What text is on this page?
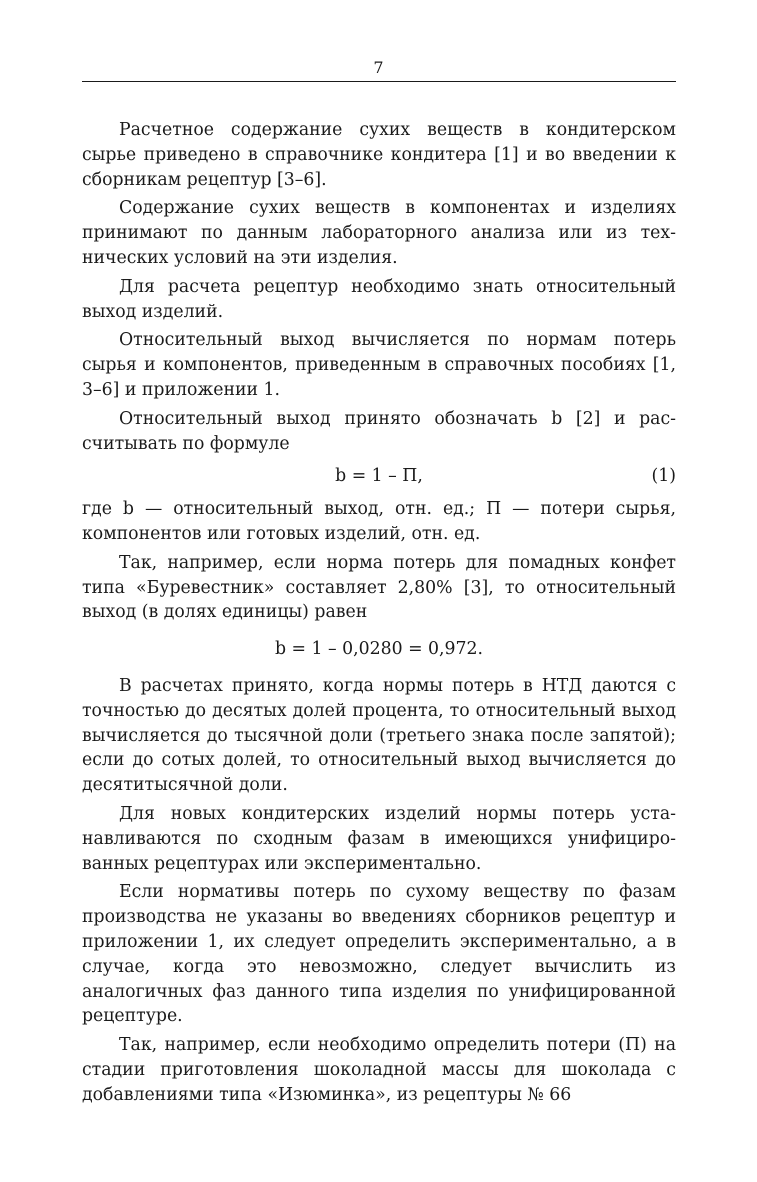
7

Расчетное содержание сухих веществ в кондитерском сырье приведено в справочнике кондитера [1] и во введении к сборникам рецептур [3–6].

Содержание сухих веществ в компонентах и изделиях принимают по данным лабораторного анализа или из технических условий на эти изделия.

Для расчета рецептур необходимо знать относительный выход изделий.

Относительный выход вычисляется по нормам потерь сырья и компонентов, приведенным в справочных пособиях [1, 3–6] и приложении 1.

Относительный выход принято обозначать b [2] и рассчитывать по формуле

b = 1 – П,	(1)

где b — относительный выход, отн. ед.; П — потери сырья, компонентов или готовых изделий, отн. ед.

Так, например, если норма потерь для помадных конфет типа «Буревестник» составляет 2,80% [3], то относительный выход (в долях единицы) равен

b = 1 – 0,0280 = 0,972.

В расчетах принято, когда нормы потерь в НТД даются с точностью до десятых долей процента, то относительный выход вычисляется до тысячной доли (третьего знака после запятой); если до сотых долей, то относительный выход вычисляется до десятитысячной доли.

Для новых кондитерских изделий нормы потерь устанавливаются по сходным фазам в имеющихся унифицированных рецептурах или экспериментально.

Если нормативы потерь по сухому веществу по фазам производства не указаны во введениях сборников рецептур и приложении 1, их следует определить экспериментально, а в случае, когда это невозможно, следует вычислить из аналогичных фаз данного типа изделия по унифицированной рецептуре.

Так, например, если необходимо определить потери (П) на стадии приготовления шоколадной массы для шоколада с добавлениями типа «Изюминка», из рецептуры № 66
